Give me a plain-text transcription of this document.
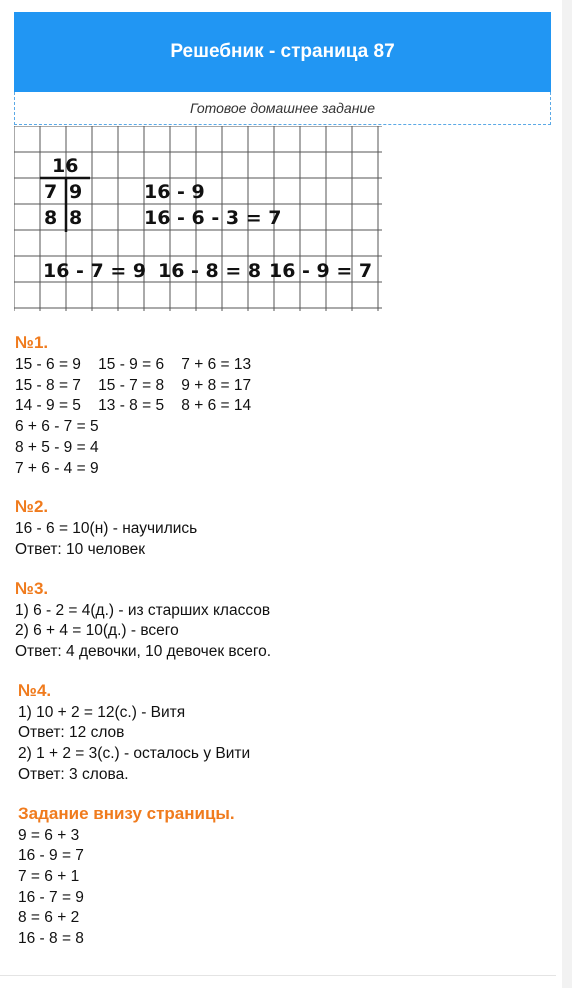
Решебник - страница 87
Готовое домашнее задание
16
7 9
8 8
16 - 9
16 - 6 - 3 = 7
16 - 7 = 9 16 - 8 = 8 16 - 9 = 7
№1.
15 - 6 = 9    15 - 9 = 6    7 + 6 = 13
15 - 8 = 7    15 - 7 = 8    9 + 8 = 17
14 - 9 = 5    13 - 8 = 5    8 + 6 = 14
6 + 6 - 7 = 5
8 + 5 - 9 = 4
7 + 6 - 4 = 9
№2.
16 - 6 = 10(н) - научились
Ответ: 10 человек
№3.
1) 6 - 2 = 4(д.) - из старших классов
2) 6 + 4 = 10(д.) - всего
Ответ: 4 девочки, 10 девочек всего.
№4.
1) 10 + 2 = 12(с.) - Витя
Ответ: 12 слов
2) 1 + 2 = 3(с.) - осталось у Вити
Ответ: 3 слова.
Задание внизу страницы.
9 = 6 + 3
16 - 9 = 7
7 = 6 + 1
16 - 7 = 9
8 = 6 + 2
16 - 8 = 8
